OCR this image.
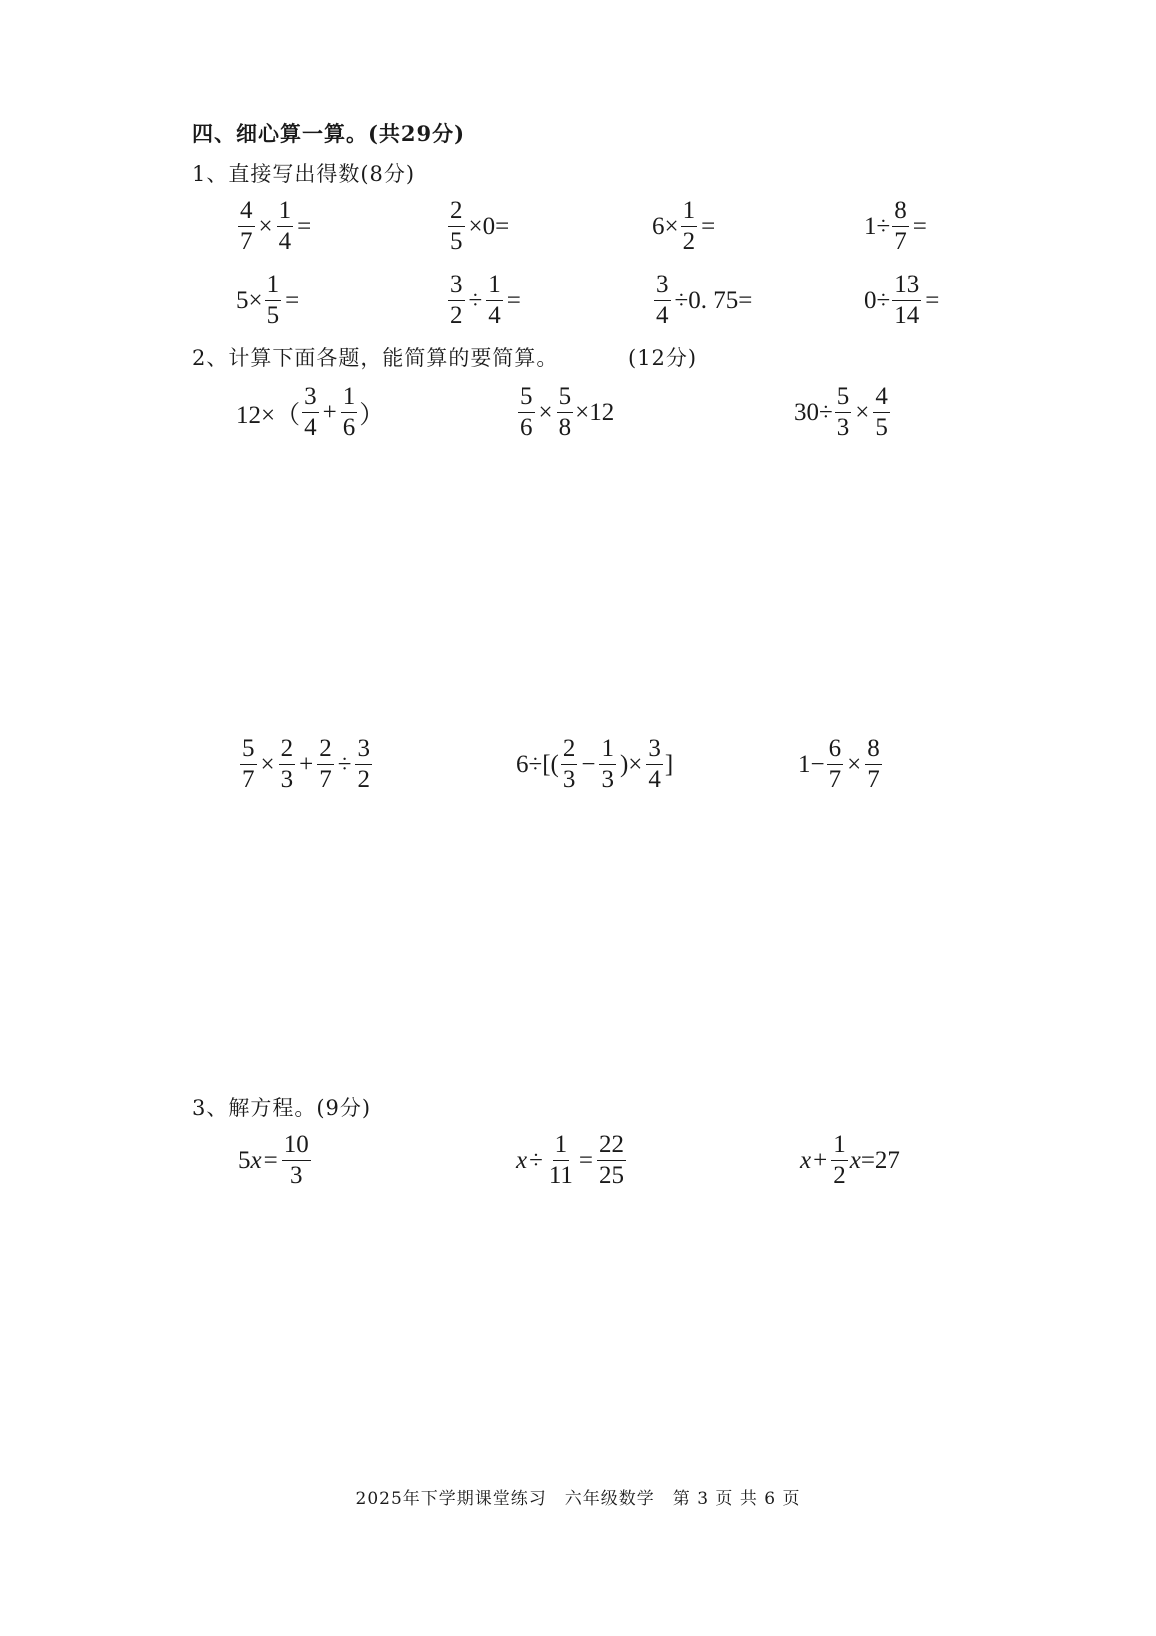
四、细心算一算。(共29分)
1、直接写出得数(8分)
$\frac{4}{7} \times \frac{1}{4}$ =	$\frac{2}{5} \times 0=$	$6\times \frac{1}{2}$ =	$1\div \frac{8}{7}$ =
$5\times \frac{1}{5}$ =	$\frac{3}{2} \div \frac{1}{4}$ =	$\frac{3}{4} \div 0$. 75=	$0\div \frac{13}{14}$ =
2、计算下面各题，能简算的要简算。	(12分)
$12\times( \frac{3}{4} + \frac{1}{6}$ ）	$\frac{5}{6} \times \frac{5}{8} \times 12$	$30\div \frac{5}{3} \times \frac{4}{5}$
$\frac{5}{7} \times \frac{2}{3} + \frac{2}{7} \div \frac{3}{2}$	$6\div[( \frac{2}{3} - \frac{1}{3}$ )× $\frac{3}{4}$ ]	$1- \frac{6}{7} \times \frac{8}{7}$
3、解方程。(9分)
5 $x = \frac{10}{3}$	$x \div \frac{1}{11} = \frac{22}{25}$	$x + \frac{1}{2}$ x =27
2025年下学期课堂练习　六年级数学　第 3 页 共 6 页
